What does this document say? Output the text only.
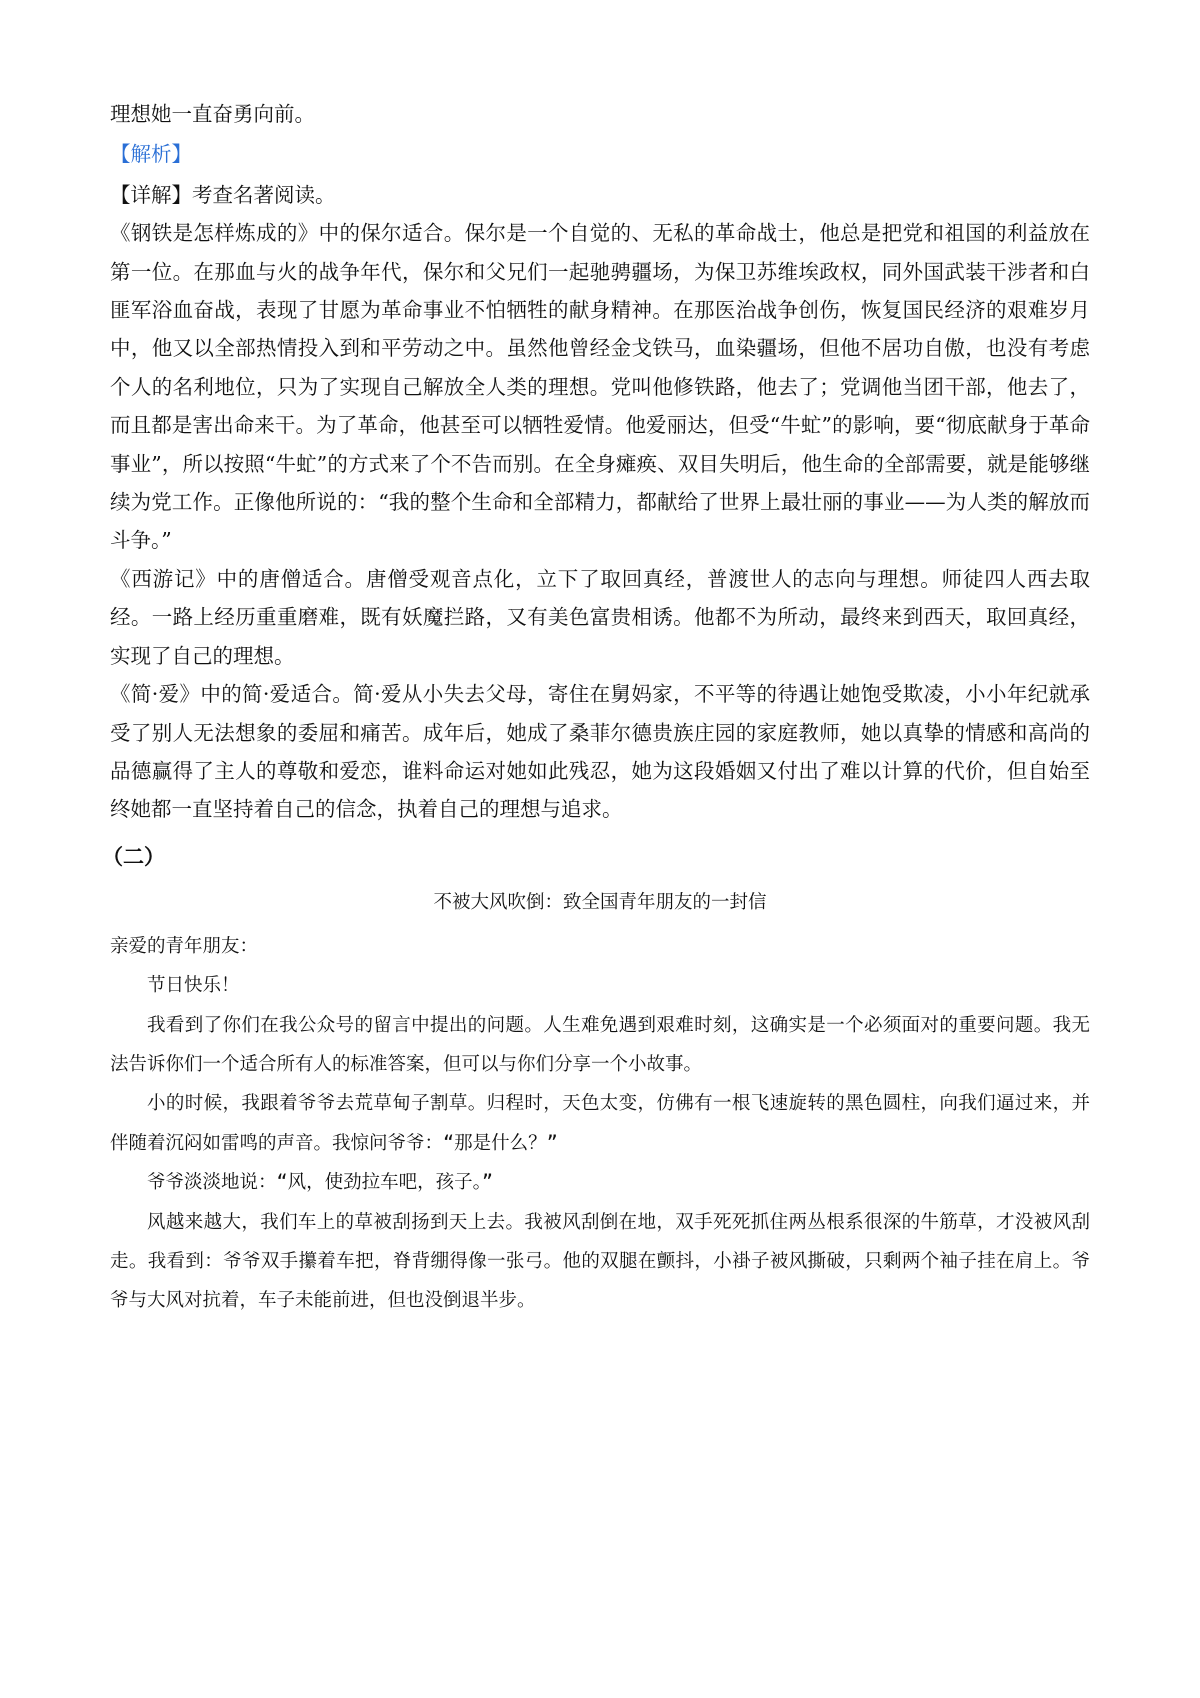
理想她一直奋勇向前。

【解析】

【详解】考查名著阅读。

《钢铁是怎样炼成的》中的保尔适合。保尔是一个自觉的、无私的革命战士，他总是把党和祖国的利益放在第一位。在那血与火的战争年代，保尔和父兄们一起驰骋疆场，为保卫苏维埃政权，同外国武装干涉者和白匪军浴血奋战，表现了甘愿为革命事业不怕牺牲的献身精神。在那医治战争创伤，恢复国民经济的艰难岁月中，他又以全部热情投入到和平劳动之中。虽然他曾经金戈铁马，血染疆场，但他不居功自傲，也没有考虑个人的名利地位，只为了实现自己解放全人类的理想。党叫他修铁路，他去了；党调他当团干部，他去了，而且都是害出命来干。为了革命，他甚至可以牺牲爱情。他爱丽达，但受“牛虻”的影响，要“彻底献身于革命事业”，所以按照“牛虻”的方式来了个不告而别。在全身瘫痪、双目失明后，他生命的全部需要，就是能够继续为党工作。正像他所说的：“我的整个生命和全部精力，都献给了世界上最壮丽的事业——为人类的解放而斗争。”

《西游记》中的唐僧适合。唐僧受观音点化，立下了取回真经，普渡世人的志向与理想。师徒四人西去取经。一路上经历重重磨难，既有妖魔拦路，又有美色富贵相诱。他都不为所动，最终来到西天，取回真经，实现了自己的理想。

《简·爱》中的简·爱适合。简·爱从小失去父母，寄住在舅妈家，不平等的待遇让她饱受欺凌，小小年纪就承受了别人无法想象的委屈和痛苦。成年后，她成了桑菲尔德贵族庄园的家庭教师，她以真挚的情感和高尚的品德赢得了主人的尊敬和爱恋，谁料命运对她如此残忍，她为这段婚姻又付出了难以计算的代价，但自始至终她都一直坚持着自己的信念，执着自己的理想与追求。

（二）

不被大风吹倒：致全国青年朋友的一封信

亲爱的青年朋友：

节日快乐！

我看到了你们在我公众号的留言中提出的问题。人生难免遇到艰难时刻，这确实是一个必须面对的重要问题。我无法告诉你们一个适合所有人的标准答案，但可以与你们分享一个小故事。

小的时候，我跟着爷爷去荒草甸子割草。归程时，天色太变，仿佛有一根飞速旋转的黑色圆柱，向我们逼过来，并伴随着沉闷如雷鸣的声音。我惊问爷爷：“那是什么？”

爷爷淡淡地说：“风，使劲拉车吧，孩子。”

风越来越大，我们车上的草被刮扬到天上去。我被风刮倒在地，双手死死抓住两丛根系很深的牛筋草，才没被风刮走。我看到：爷爷双手攥着车把，脊背绷得像一张弓。他的双腿在颤抖，小褂子被风撕破，只剩两个袖子挂在肩上。爷爷与大风对抗着，车子未能前进，但也没倒退半步。
